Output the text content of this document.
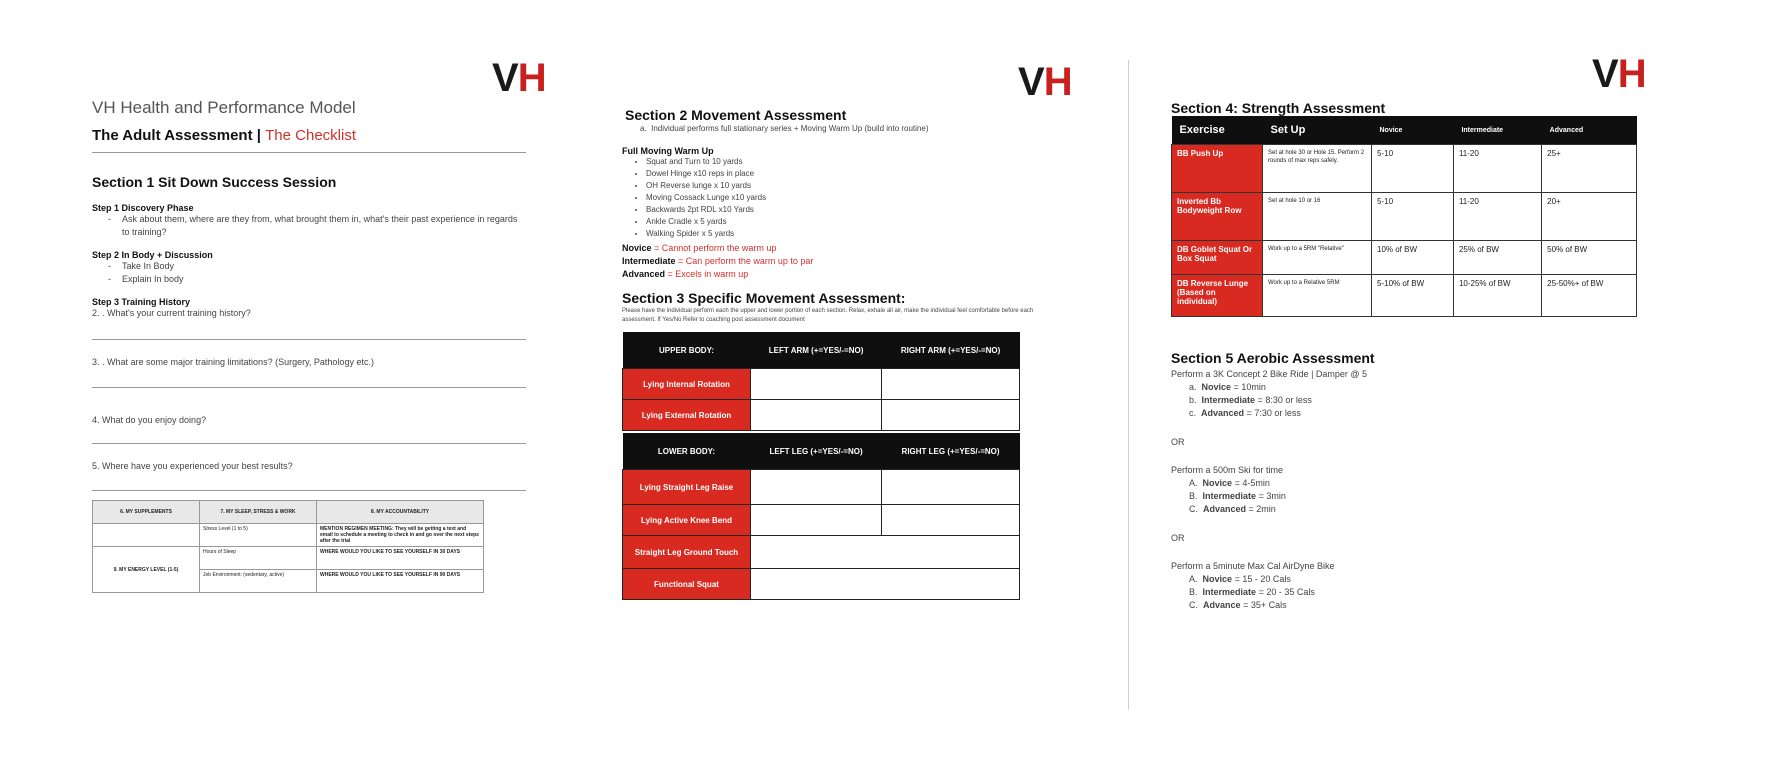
VH
VH Health and Performance Model
The Adult Assessment | The Checklist
Section 1 Sit Down Success Session
Step 1 Discovery Phase
- Ask about them, where are they from, what brought them in, what's their past experience in regards to training?
Step 2 In Body + Discussion
- Take In Body
- Explain In body
Step 3 Training History
2. . What's your current training history?
3. . What are some major training limitations? (Surgery, Pathology etc.)
4. What do you enjoy doing?
5. Where have you experienced your best results?
6. MY SUPPLEMENTS	7. MY SLEEP, STRESS & WORK	8. MY ACCOUNTABILITY
	Stress Level (1 to 5)	MENTION REGIMEN MEETING: They will be getting a text and email to schedule a meeting to check in and go over the next steps after the trial
9. MY ENERGY LEVEL (1-5)	Hours of Sleep	WHERE WOULD YOU LIKE TO SEE YOURSELF IN 30 DAYS
	Job Environment: (sedentary, active)	WHERE WOULD YOU LIKE TO SEE YOURSELF IN 90 DAYS
VH
Section 2 Movement Assessment
a. Individual performs full stationary series + Moving Warm Up (build into routine)
Full Moving Warm Up
• Squat and Turn to 10 yards
• Dowel Hinge x10 reps in place
• OH Reverse lunge x 10 yards
• Moving Cossack Lunge x10 yards
• Backwards 2pt RDL x10 Yards
• Ankle Cradle x 5 yards
• Walking Spider x 5 yards
Novice = Cannot perform the warm up
Intermediate = Can perform the warm up to par
Advanced = Excels in warm up
Section 3 Specific Movement Assessment:
Please have the individual perform each the upper and lower portion of each section. Relax, exhale all air, make the individual feel comfortable before each assessment. If Yes/No Refer to coaching post assessment document
UPPER BODY:	LEFT ARM (+=YES/-=NO)	RIGHT ARM (+=YES/-=NO)
Lying Internal Rotation		
Lying External Rotation		
LOWER BODY:	LEFT LEG (+=YES/-=NO)	RIGHT LEG (+=YES/-=NO)
Lying Straight Leg Raise		
Lying Active Knee Bend		
Straight Leg Ground Touch		
Functional Squat		
VH
Section 4: Strength Assessment
Exercise	Set Up	Novice	Intermediate	Advanced
BB Push Up	Set at hole 30 or Hole 15. Perform 2 rounds of max reps safely.	5-10	11-20	25+
Inverted Bb Bodyweight Row	Set at hole 10 or 16	5-10	11-20	20+
DB Goblet Squat Or Box Squat	Work up to a 5RM "Relative"	10% of BW	25% of BW	50% of BW
DB Reverse Lunge (Based on individual)	Work up to a Relative 5RM	5-10% of BW	10-25% of BW	25-50%+ of BW
Section 5 Aerobic Assessment
Perform a 3K Concept 2 Bike Ride | Damper @ 5
a. Novice = 10min
b. Intermediate = 8:30 or less
c. Advanced = 7:30 or less
OR
Perform a 500m Ski for time
A. Novice = 4-5min
B. Intermediate = 3min
C. Advanced = 2min
OR
Perform a 5minute Max Cal AirDyne Bike
A. Novice = 15 - 20 Cals
B. Intermediate = 20 - 35 Cals
C. Advance = 35+ Cals
